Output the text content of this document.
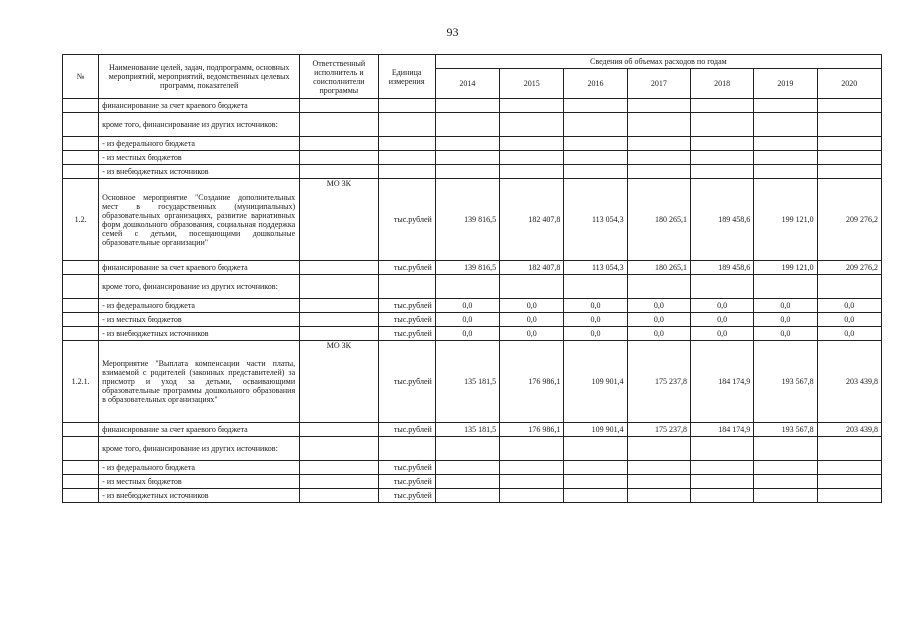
93
№	Наименование целей, задач, подпрограмм, основных мероприятий, мероприятий, ведомственных целевых программ, показателей	Ответственный исполнитель и соисполнители программы	Единица измерения	Сведения об объемах расходов по годам						
				2014	2015	2016	2017	2018	2019	2020
	финансирование за счет краевого бюджета									
	кроме того, финансирование из других источников:									
	- из федерального бюджета									
	- из местных бюджетов									
	- из внебюджетных источников									
1.2.	Основное мероприятие "Создание дополнительных мест в государственных (муниципальных) образовательных организациях, развитие вариативных форм дошкольного образования, социальная поддержка семей с детьми, посещающими дошкольные образовательные организации"	МО ЗК	тыс.рублей	139 816,5	182 407,8	113 054,3	180 265,1	189 458,6	199 121,0	209 276,2
	финансирование за счет краевого бюджета		тыс.рублей	139 816,5	182 407,8	113 054,3	180 265,1	189 458,6	199 121,0	209 276,2
	кроме того, финансирование из других источников:									
	- из федерального бюджета		тыс.рублей	0,0	0,0	0,0	0,0	0,0	0,0	0,0
	- из местных бюджетов		тыс.рублей	0,0	0,0	0,0	0,0	0,0	0,0	0,0
	- из внебюджетных источников		тыс.рублей	0,0	0,0	0,0	0,0	0,0	0,0	0,0
1.2.1.	Мероприятие "Выплата компенсации части платы, взимаемой с родителей (законных представителей) за присмотр и уход за детьми, осваивающими образовательные программы дошкольного образования в образовательных организациях"	МО ЗК	тыс.рублей	135 181,5	176 986,1	109 901,4	175 237,8	184 174,9	193 567,8	203 439,8
	финансирование за счет краевого бюджета		тыс.рублей	135 181,5	176 986,1	109 901,4	175 237,8	184 174,9	193 567,8	203 439,8
	кроме того, финансирование из других источников:									
	- из федерального бюджета		тыс.рублей							
	- из местных бюджетов		тыс.рублей							
	- из внебюджетных источников		тыс.рублей							
